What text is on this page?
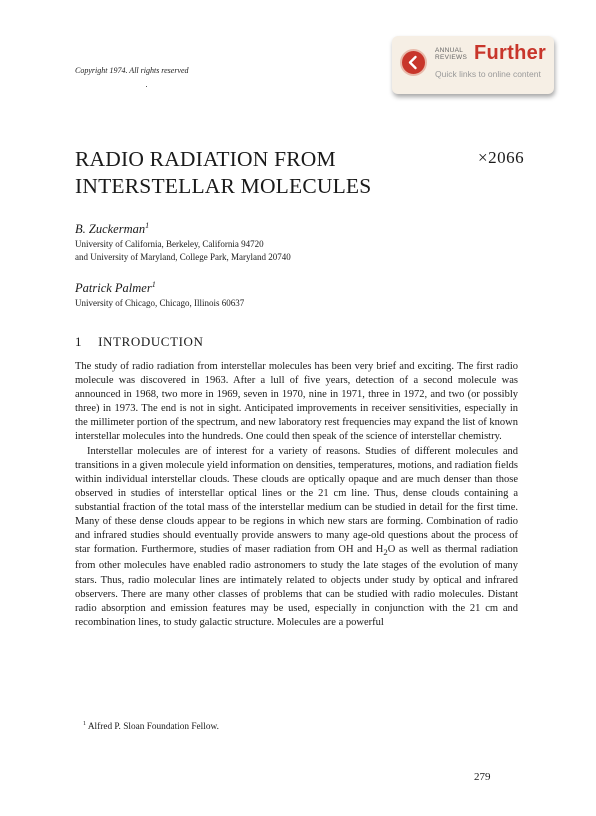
Copyright 1974. All rights reserved
ANNUAL
REVIEWS Further
Quick links to online content
RADIO RADIATION FROM
INTERSTELLAR MOLECULES
×2066
B. Zuckerman$^1$
University of California, Berkeley, California 94720
and University of Maryland, College Park, Maryland 20740
Patrick Palmer$^1$
University of Chicago, Chicago, Illinois 60637
1 INTRODUCTION

The study of radio radiation from interstellar molecules has been very brief and exciting. The first radio molecule was discovered in 1963. After a lull of five years, detection of a second molecule was announced in 1968, two more in 1969, seven in 1970, nine in 1971, three in 1972, and two (or possibly three) in 1973. The end is not in sight. Anticipated improvements in receiver sensitivities, especially in the millimeter portion of the spectrum, and new laboratory rest frequencies may expand the list of known interstellar molecules into the hundreds. One could then speak of the science of interstellar chemistry.

Interstellar molecules are of interest for a variety of reasons. Studies of different molecules and transitions in a given molecule yield information on densities, temperatures, motions, and radiation fields within individual interstellar clouds. These clouds are optically opaque and are much denser than those observed in studies of interstellar optical lines or the 21 cm line. Thus, dense clouds containing a substantial fraction of the total mass of the interstellar medium can be studied in detail for the first time. Many of these dense clouds appear to be regions in which new stars are forming. Combination of radio and infrared studies should eventually provide answers to many age-old questions about the process of star formation. Furthermore, studies of maser radiation from OH and $H_2O$ as well as thermal radiation from other molecules have enabled radio astronomers to study the late stages of the evolution of many stars. Thus, radio molecular lines are intimately related to objects under study by optical and infrared observers. There are many other classes of problems that can be studied with radio molecules. Distant radio absorption and emission features may be used, especially in conjunction with the 21 cm and recombination lines, to study galactic structure. Molecules are a powerful

$^1$ Alfred P. Sloan Foundation Fellow.
279
